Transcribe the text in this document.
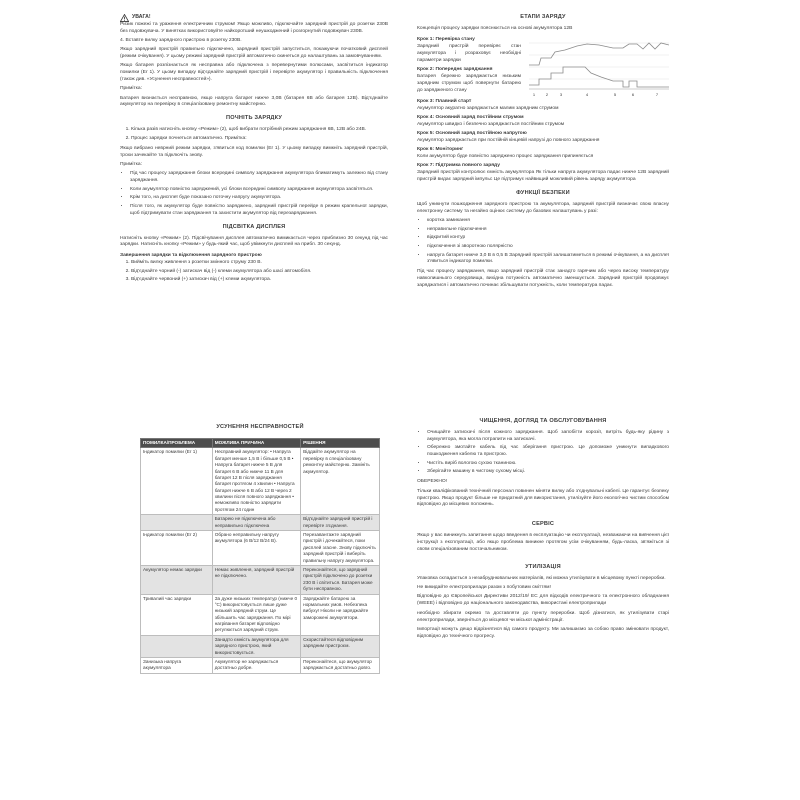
УВАГА!

Ризик пожежі та ураження електричним струмом! Якщо можливо, підключайте зарядний пристрій до розетки 230В без подовжувача. У винятках використовуйте найкоротший неушкоджений і розгорнутий подовжувач 230В.

4. Вставте вилку зарядного пристрою в розетку 230В.

Якщо зарядний пристрій правильно підключено, зарядний пристрій запуститься, покажуючи початковий дисплей (режим очікування). У цьому режимі зарядний пристрій автоматично скинеться до налаштувань за замовчуванням.

Якщо батарея розпізнається як несправна або підключена з перевернутими полюсами, засвітиться індикатор помилки (Er 1). У цьому випадку від'єднайте зарядний пристрій і перевірте акумулятор і правильність підключення (також див. «Усунення несправностей»).

Примітка:

Батарея визнається несправною, якщо напруга батареї нижче 3,0В (батарея 6В або батарея 12В). Від'єднайте акумулятор на перевірку в спеціалізовану ремонтну майстерню.

ПОЧНІТЬ ЗАРЯДКУ
1. Кілька разів натисніть кнопку «Режим» (2), щоб вибрати потрібний режим заряджання 6В, 12В або 24В.
2. Процес зарядки почнеться автоматично. Примітка:

Якщо вибрано неврний режим зарядки, з'явиться код помилки (Er 1). У цьому випадку вимкніть зарядний пристрій, трохи зачекайте та підключіть знову.

Примітка:

• Під час процесу заряджання блоки всередині символу заряджання акумулятора блиматимуть залежно від стану заряджання.
• Коли акумулятор повністю заряджений, усі блоки всередині символу заряджання акумулятора засвітяться.
• Крім того, на дисплеї буде показано поточну напругу акумулятора.
• Після того, як акумулятор буде повністю заряджено, зарядний пристрій перейде в режим крапельної зарядки, щоб підтримувати стан заряджання та захистити акумулятор від перезаряджання.
ПІДСВІТКА ДИСПЛЕЯ

Натисніть кнопку «Режим» (2). Підсвічування дисплея автоматично вимикається через приблизно 30 секунд під час зарядки. Натисніть кнопку «Режим» у будь-який час, щоб увімкнути дисплей на прибл. 30 секунд.

Завершення зарядки та відключення зарядного пристрою
1. Вийміть вилку живлення з розетки змінного струму 230 В.
2. Від'єднайте чорний (-) затискач від (-) клеми акумулятора або шасі автомобіля.
3. Від'єднайте червоний (+) затискач від (+) клеми акумулятора.
ЕТАПИ ЗАРЯДУ

Концепція процесу зарядки пояснюється на основі акумулятора 12В

Крок 1: Перевірка стану

Зарядний пристрій перевіряє стан акумулятора і розраховує необхідні параметри зарядки

Крок 2: Попереднє заряджання

Батарея бережно заряджається низьким зарядним струмом щоб повернути батарею до зарядженого стану

1	2	3	4	5	6	7
Крок 3: Плавний старт

Акумулятор акуратно заряджається малим зарядним струмом

Крок 4: Основний заряд постійним струмом

Акумулятор швидко і безпечно заряджається постійним струмом

Крок 5: Основний заряд постійною напругою

Акумулятор заряджається при постійній кінцевій напрузі до повного заряджання

Крок 6: Моніторинг

Коли акумулятор буде повністю заряджено процес заряджання припиняється

Крок 7: Підтримка повного заряду

Зарядний пристрій контролює ємність акумулятора Як тільки напруга акумулятора падає нижче 12В зарядний пристрій видає зарядний імпульс Це підтримує найвищий можливий рівень заряду акумулятора

ФУНКЦІЇ БЕЗПЕКИ

Щоб уникнути пошкодження зарядного пристрою та акумулятора, зарядний пристрій визначає свою власну електронну систему та негайно оцінює систему до базових налаштувань у разі:

• коротка замикання
• неправильне підключення
• відкритий контур
• підключення зі зворотною полярністю
• напруга батареї нижче 3,0 В в 0,5 В Зарядний пристрій залишатиметься в режимі очікування, а на дисплеї з'явиться індикатор помилки.

Під час процесу заряджання, якщо зарядний пристрій стає занадто гарячим або через високу температуру навколишнього середовища, вихідна потужність автоматично зменшується. Зарядний пристрій продовжує заряджатися і автоматично починає збільшувати потужність, коли температура падає.

УСУНЕННЯ НЕСПРАВНОСТЕЙ
ПОМИЛКА/ПРОБЛЕМА	МОЖЛИВА ПРИЧИНА	РІШЕННЯ
Індикатор помилки (Er 1)	Несправний акумулятор: • Напруга батареї менше 1,5 В і більше 0,5 В • Напруга батареї нижче 5 В для батареї 6 В або нижче 11 В для батареї 12 В після заряджання батареї протягом 4 хвилин • Напруга батареї нижче 6 В або 12 В через 2 хвилини після повного заряджання • неможливо повністю зарядити протягом 24 годин	Віддайте акумулятор на перевірку в спеціалізовану ремонтну майстерню. Замініть акумулятор.
	Батарею не підключена або неправильно підключена	Від'єднайте зарядний пристрій і перевірте з'єднання.
Індикатор помилки (Er 2)	Обрано неправильну напругу акумулятора (6 В/12 В/24 В).	Перезавантажте зарядний пристрій і дочекайтеся, поки дисплей згасне. Знову підключіть зарядний пристрій і виберіть правильну напругу акумулятора.
Акумулятор немає зарядки	Немає живлення, зарядний пристрій не підключено.	Переконайтеся, що зарядний пристрій підключено до розетки 230 В і світиться. Батарея може бути несправною.
Тривалий час зарядки	За дуже низьких температур (нижче 0 °C) використовується лише дуже низький зарядний струм. Це збільшить час заряджання. По мірі нагрівання батареї відповідно регулюється зарядний струм.	Заряджайте батарею за нормальних умов. Небезпека вибуху! Ніколи не заряджайте заморожені акумулятори.
	Занадто ємність акумулятора для зарядного пристрою, який використовується.	Скористайтеся відповідним зарядним пристроєм.
Занизька напруга акумулятора	Акумулятор не заряджається достатньо добре.	Переконайтеся, що акумулятор заряджається достатньо довго.
ЧИЩЕННЯ, ДОГЛЯД ТА ОБСЛУГОВУВАННЯ
• Очищайте затискачі після кожного заряджання. Щоб запобігти корозії, витріть будь-яку рідину з акумулятора, яка могла потрапити на затискачі.
• Обережно змотайте кабель під час зберігання пристрою. Це допоможе уникнути випадкового пошкодження кабелю та пристрою.
• Чистіть виріб вологою сухою тканиною.
• Зберігайте машину в чистому сухому місці.

ОБЕРЕЖНО!

Тільки кваліфікований технічний персонал повинен міняти вилку або з'єднувальні кабелі. Це гарантує безпеку пристрою. Якщо продукт більше не придатний для використання, утилізуйте його екологічно чистим способом відповідно до місцевих положень.

СЕРВІС

Якщо у вас виникнуть запитання щодо введення в експлуатацію чи експлуатації, незважаючи на вивчення цієї інструкції з експлуатації, або якщо проблема виникне протягом усім очікуванням, будь-ласка, зв'яжіться зі своїм спеціалізованим постачальником.

УТИЛІЗАЦІЯ

Упаковка складається з незабруднювальних матеріалів, які можна утилізувати в місцевому пункті переробки.

Не викидайте електроприлади разом з побутовим сміттям!

Відповідно до Європейської Директиви 2012/19/ ЕС для відходів електричного та електронного обладнання (WEEE) і відповідно до національного законодавства, використані електроприлади

необхідно збирати окремо та доставляти до пункту переробки. Щоб дізнатися, як утилізувати старі електроприлади, зверніться до місцевої чи міської адміністрації.

Імпортації можуть дещо відрізнятися від самого продукту. Ми залишаємо за собою право змінювати продукт, відповідно до технічного прогресу.
